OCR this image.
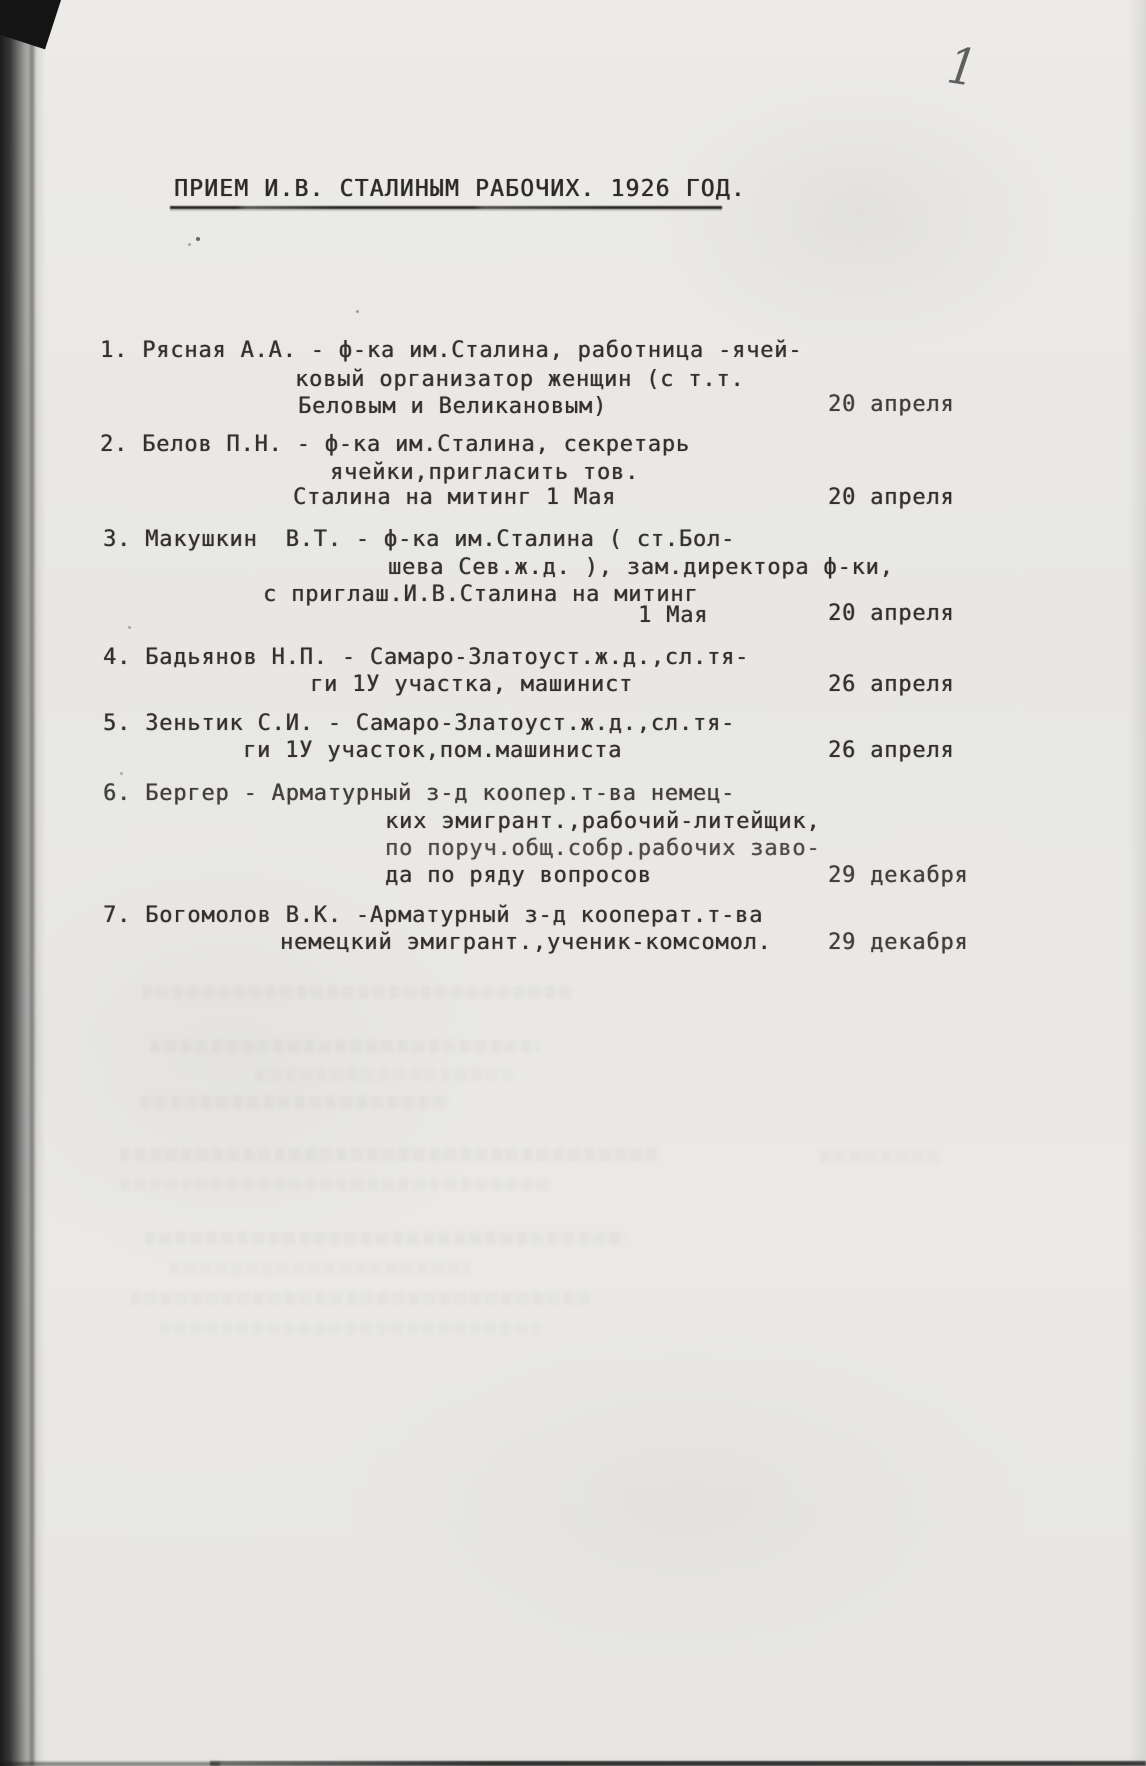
1
ПРИЕМ И.В. СТАЛИНЫМ РАБОЧИХ. 1926 ГОД.
1. Рясная А.А. - ф-ка им.Сталина, работница -ячей-
ковый организатор женщин (с т.т.
Беловым и Великановым)	20 апреля
2. Белов П.Н. - ф-ка им.Сталина, секретарь
ячейки,пригласить тов.
Сталина на митинг 1 Мая	20 апреля
3. Макушкин  В.Т. - ф-ка им.Сталина ( ст.Бол-
шева Сев.ж.д. ), зам.директора ф-ки,
с приглаш.И.В.Сталина на митинг
1 Мая	20 апреля
4. Бадьянов Н.П. - Самаро-Златоуст.ж.д.,сл.тя-
ги 1У участка, машинист	26 апреля
5. Зеньтик С.И. - Самаро-Златоуст.ж.д.,сл.тя-
ги 1У участок,пом.машиниста	26 апреля
6. Бергер - Арматурный з-д коопер.т-ва немец-
ких эмигрант.,рабочий-литейщик,
по поруч.общ.собр.рабочих заво-
да по ряду вопросов	29 декабря
7. Богомолов В.К. -Арматурный з-д кооперат.т-ва
немецкий эмигрант.,ученик-комсомол.	29 декабря
